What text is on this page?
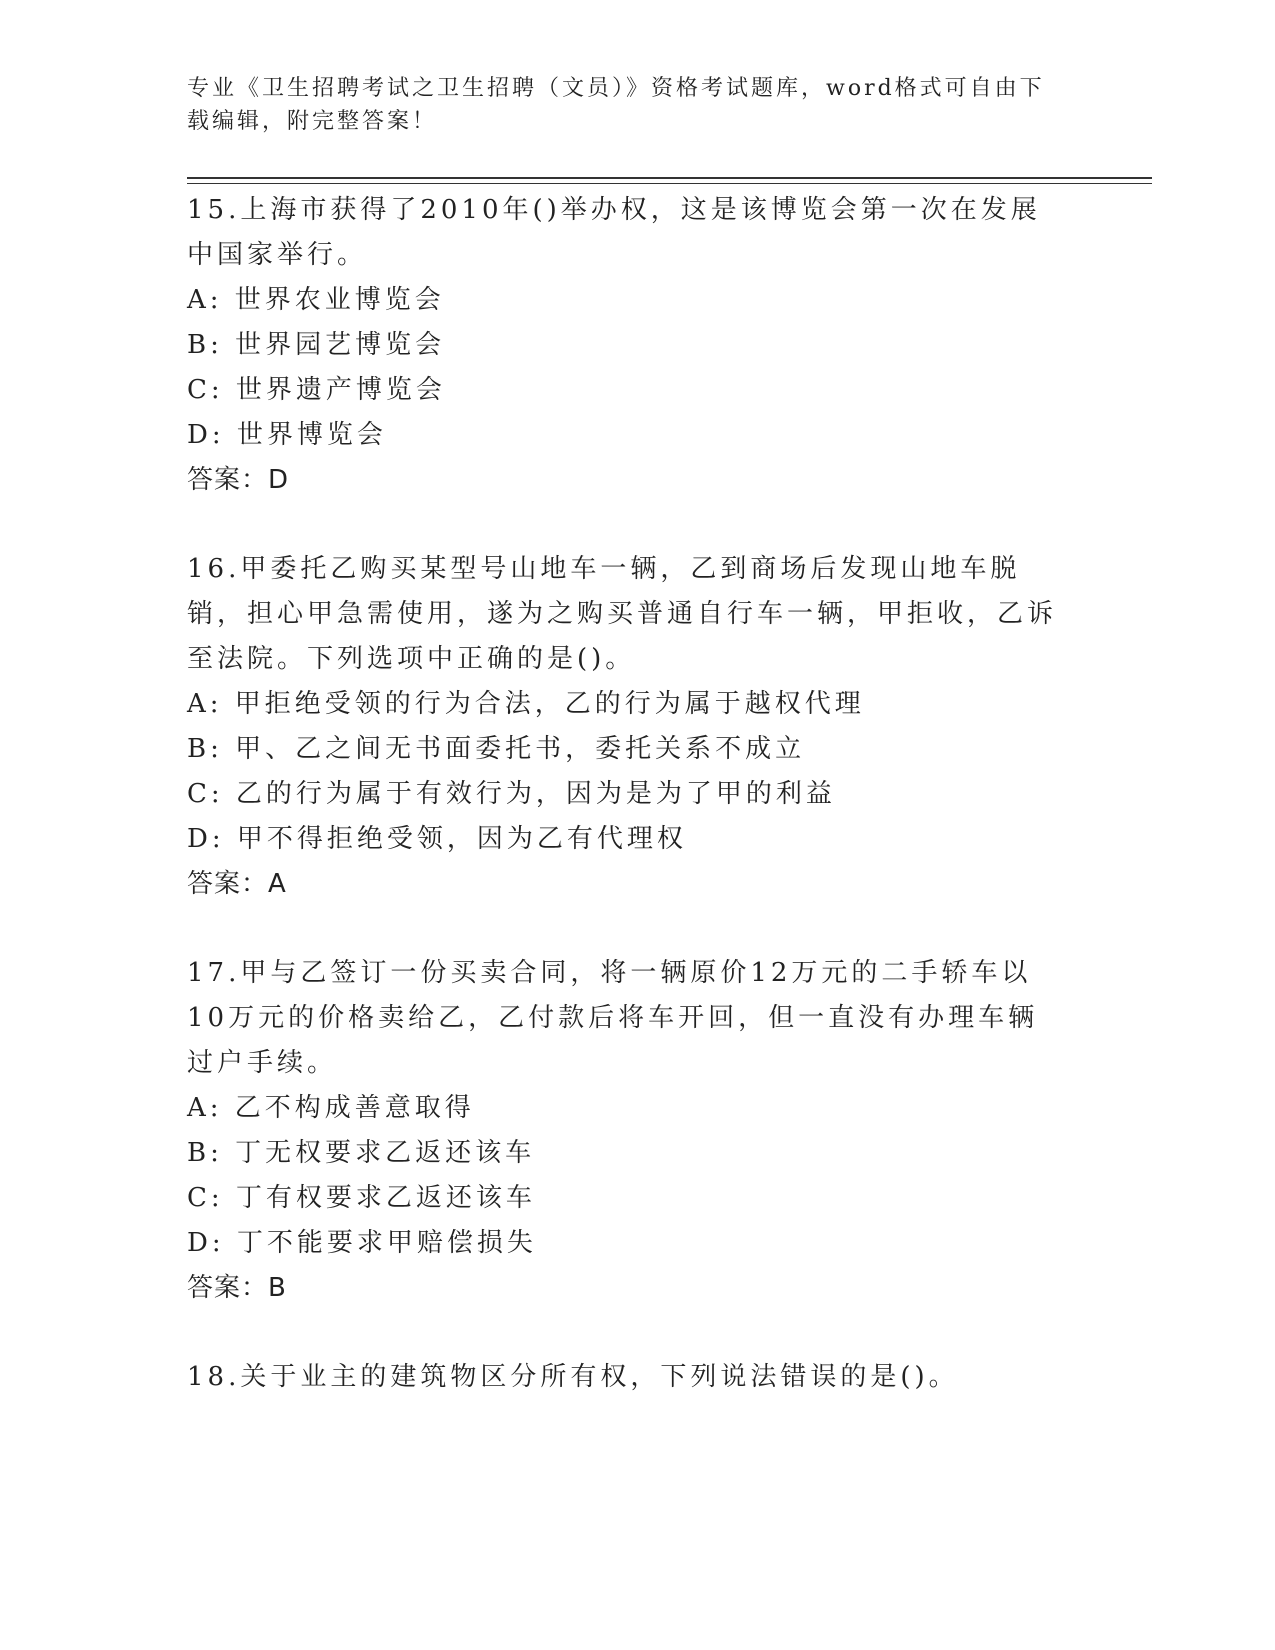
专业《卫生招聘考试之卫生招聘（文员）》资格考试题库，word格式可自由下载编辑，附完整答案！
15.上海市获得了2010年()举办权，这是该博览会第一次在发展中国家举行。
A: 世界农业博览会
B: 世界园艺博览会
C: 世界遗产博览会
D: 世界博览会
答案：D
16.甲委托乙购买某型号山地车一辆，乙到商场后发现山地车脱销，担心甲急需使用，遂为之购买普通自行车一辆，甲拒收，乙诉至法院。下列选项中正确的是()。
A: 甲拒绝受领的行为合法，乙的行为属于越权代理
B: 甲、乙之间无书面委托书，委托关系不成立
C: 乙的行为属于有效行为，因为是为了甲的利益
D: 甲不得拒绝受领，因为乙有代理权
答案：A
17.甲与乙签订一份买卖合同，将一辆原价12万元的二手轿车以10万元的价格卖给乙，乙付款后将车开回，但一直没有办理车辆过户手续。
A: 乙不构成善意取得
B: 丁无权要求乙返还该车
C: 丁有权要求乙返还该车
D: 丁不能要求甲赔偿损失
答案：B
18.关于业主的建筑物区分所有权，下列说法错误的是()。
